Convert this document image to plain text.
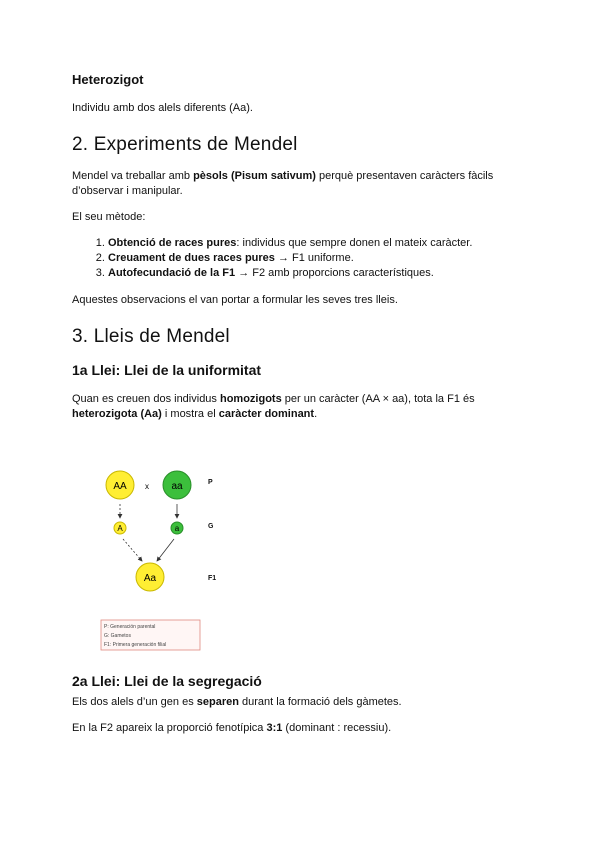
Heterozigot

Individu amb dos alels diferents (Aa).

2. Experiments de Mendel

Mendel va treballar amb pèsols (Pisum sativum) perquè presentaven caràcters fàcils d’observar i manipular.

El seu mètode:

1. Obtenció de races pures: individus que sempre donen el mateix caràcter.
2. Creuament de dues races pures → F1 uniforme.
3. Autofecundació de la F1 → F2 amb proporcions característiques.

Aquestes observacions el van portar a formular les seves tres lleis.

3. Lleis de Mendel
1a Llei: Llei de la uniformitat

Quan es creuen dos individus homozigots per un caràcter (AA × aa), tota la F1 és

heterozigota (Aa) i mostra el caràcter dominant.

AA x aa
A	a
Aa
P: Generación parental
G: Gametos
F1: Primera generación filial
P
G
F1
2a Llei: Llei de la segregació

Els dos alels d’un gen es separen durant la formació dels gàmetes.

En la F2 apareix la proporció fenotípica 3:1 (dominant : recessiu).
